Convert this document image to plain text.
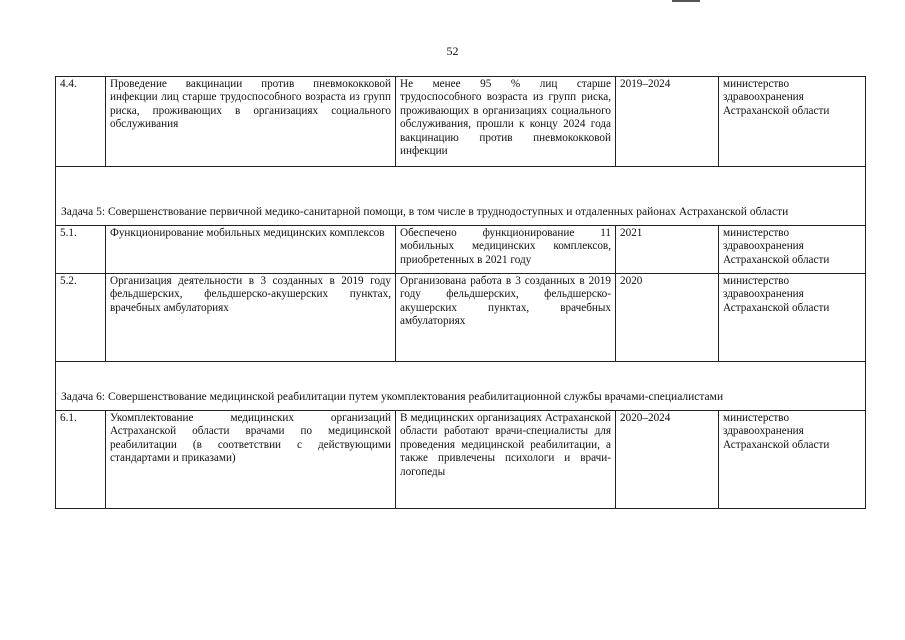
52
4.4.	Проведение вакцинации против пневмококковой инфекции лиц старше трудоспособного возраста из групп риска, проживающих в организациях социального обслуживания	Не менее 95 % лиц старше трудоспособного возраста из групп риска, проживающих в организациях социального обслуживания, прошли к концу 2024 года вакцинацию против пневмококковой инфекции	2019–2024	министерство здравоохранения Астраханской области
Задача 5: Совершенствование первичной медико-санитарной помощи, в том числе в труднодоступных и отдаленных районах Астраханской области				
5.1.	Функционирование мобильных медицинских комплексов	Обеспечено функционирование 11 мобильных медицинских комплексов, приобретенных в 2021 году	2021	министерство здравоохранения Астраханской области
5.2.	Организация деятельности в 3 созданных в 2019 году фельдшерских, фельдшерско-акушерских пунктах, врачебных амбулаториях	Организована работа в 3 созданных в 2019 году фельдшерских, фельдшерско-акушерских пунктах, врачебных амбулаториях	2020	министерство здравоохранения Астраханской области
Задача 6: Совершенствование медицинской реабилитации путем укомплектования реабилитационной службы врачами-специалистами				
6.1.	Укомплектование медицинских организаций Астраханской области врачами по медицинской реабилитации (в соответствии с действующими стандартами и приказами)	В медицинских организациях Астраханской области работают врачи-специалисты для проведения медицинской реабилитации, а также привлечены психологи и врачи-логопеды	2020–2024	министерство здравоохранения Астраханской области
